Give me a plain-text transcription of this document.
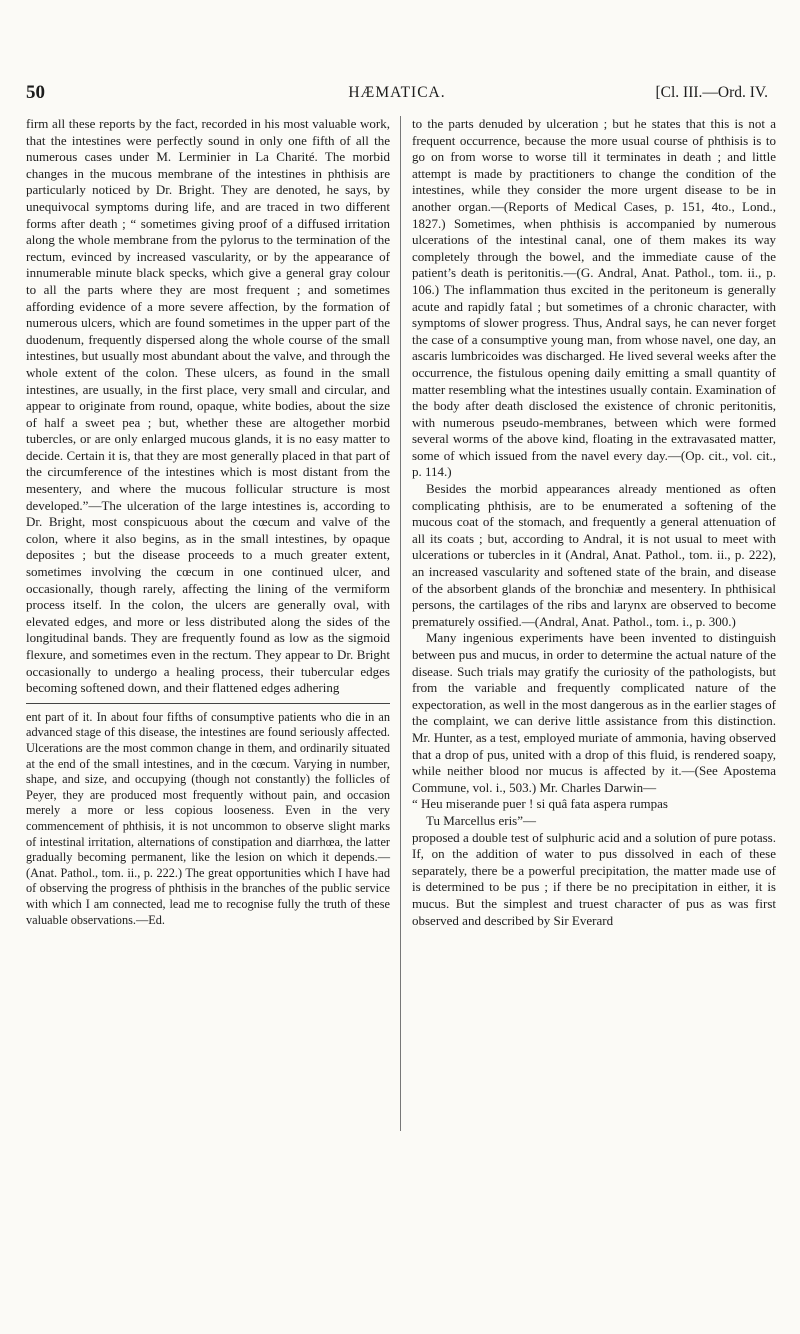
50	HÆMATICA.	[Cl. III.—Ord. IV.

firm all these reports by the fact, recorded in his most valuable work, that the intestines were perfectly sound in only one fifth of all the numerous cases under M. Lerminier in La Charité. The morbid changes in the mucous membrane of the intestines in phthisis are particularly noticed by Dr. Bright. They are denoted, he says, by unequivocal symptoms during life, and are traced in two different forms after death ; “ sometimes giving proof of a diffused irritation along the whole membrane from the pylorus to the termination of the rectum, evinced by increased vascularity, or by the appearance of innumerable minute black specks, which give a general gray colour to all the parts where they are most frequent ; and sometimes affording evidence of a more severe affection, by the formation of numerous ulcers, which are found sometimes in the upper part of the duodenum, frequently dispersed along the whole course of the small intestines, but usually most abundant about the valve, and through the whole extent of the colon. These ulcers, as found in the small intestines, are usually, in the first place, very small and circular, and appear to originate from round, opaque, white bodies, about the size of half a sweet pea ; but, whether these are altogether morbid tubercles, or are only enlarged mucous glands, it is no easy matter to decide. Certain it is, that they are most generally placed in that part of the circumference of the intestines which is most distant from the mesentery, and where the mucous follicular structure is most developed.”—The ulceration of the large intestines is, according to Dr. Bright, most conspicuous about the cœcum and valve of the colon, where it also begins, as in the small intestines, by opaque deposites ; but the disease proceeds to a much greater extent, sometimes involving the cœcum in one continued ulcer, and occasionally, though rarely, affecting the lining of the vermiform process itself. In the colon, the ulcers are generally oval, with elevated edges, and more or less distributed along the sides of the longitudinal bands. They are frequently found as low as the sigmoid flexure, and sometimes even in the rectum. They appear to Dr. Bright occasionally to undergo a healing process, their tubercular edges becoming softened down, and their flattened edges adhering

ent part of it. In about four fifths of consumptive patients who die in an advanced stage of this disease, the intestines are found seriously affected. Ulcerations are the most common change in them, and ordinarily situated at the end of the small intestines, and in the cœcum. Varying in number, shape, and size, and occupying (though not constantly) the follicles of Peyer, they are produced most frequently without pain, and occasion merely a more or less copious looseness. Even in the very commencement of phthisis, it is not uncommon to observe slight marks of intestinal irritation, alternations of constipation and diarrhœa, the latter gradually becoming permanent, like the lesion on which it depends.—(Anat. Pathol., tom. ii., p. 222.) The great opportunities which I have had of observing the progress of phthisis in the branches of the public service with which I am connected, lead me to recognise fully the truth of these valuable observations.—Ed.

to the parts denuded by ulceration ; but he states that this is not a frequent occurrence, because the more usual course of phthisis is to go on from worse to worse till it terminates in death ; and little attempt is made by practitioners to change the condition of the intestines, while they consider the more urgent disease to be in another organ.—(Reports of Medical Cases, p. 151, 4to., Lond., 1827.) Sometimes, when phthisis is accompanied by numerous ulcerations of the intestinal canal, one of them makes its way completely through the bowel, and the immediate cause of the patient’s death is peritonitis.—(G. Andral, Anat. Pathol., tom. ii., p. 106.) The inflammation thus excited in the peritoneum is generally acute and rapidly fatal ; but sometimes of a chronic character, with symptoms of slower progress. Thus, Andral says, he can never forget the case of a consumptive young man, from whose navel, one day, an ascaris lumbricoides was discharged. He lived several weeks after the occurrence, the fistulous opening daily emitting a small quantity of matter resembling what the intestines usually contain. Examination of the body after death disclosed the existence of chronic peritonitis, with numerous pseudo-membranes, between which were formed several worms of the above kind, floating in the extravasated matter, some of which issued from the navel every day.—(Op. cit., vol. cit., p. 114.)

Besides the morbid appearances already mentioned as often complicating phthisis, are to be enumerated a softening of the mucous coat of the stomach, and frequently a general attenuation of all its coats ; but, according to Andral, it is not usual to meet with ulcerations or tubercles in it (Andral, Anat. Pathol., tom. ii., p. 222), an increased vascularity and softened state of the brain, and disease of the absorbent glands of the bronchiæ and mesentery. In phthisical persons, the cartilages of the ribs and larynx are observed to become prematurely ossified.—(Andral, Anat. Pathol., tom. i., p. 300.)

Many ingenious experiments have been invented to distinguish between pus and mucus, in order to determine the actual nature of the disease. Such trials may gratify the curiosity of the pathologists, but from the variable and frequently complicated nature of the expectoration, as well in the most dangerous as in the earlier stages of the complaint, we can derive little assistance from this distinction. Mr. Hunter, as a test, employed muriate of ammonia, having observed that a drop of pus, united with a drop of this fluid, is rendered soapy, while neither blood nor mucus is affected by it.—(See Apostema Commune, vol. i., 503.) Mr. Charles Darwin—

“ Heu miserande puer ! si quâ fata aspera rumpas

Tu Marcellus eris”—

proposed a double test of sulphuric acid and a solution of pure potass. If, on the addition of water to pus dissolved in each of these separately, there be a powerful precipitation, the matter made use of is determined to be pus ; if there be no precipitation in either, it is mucus. But the simplest and truest character of pus as was first observed and described by Sir Everard
